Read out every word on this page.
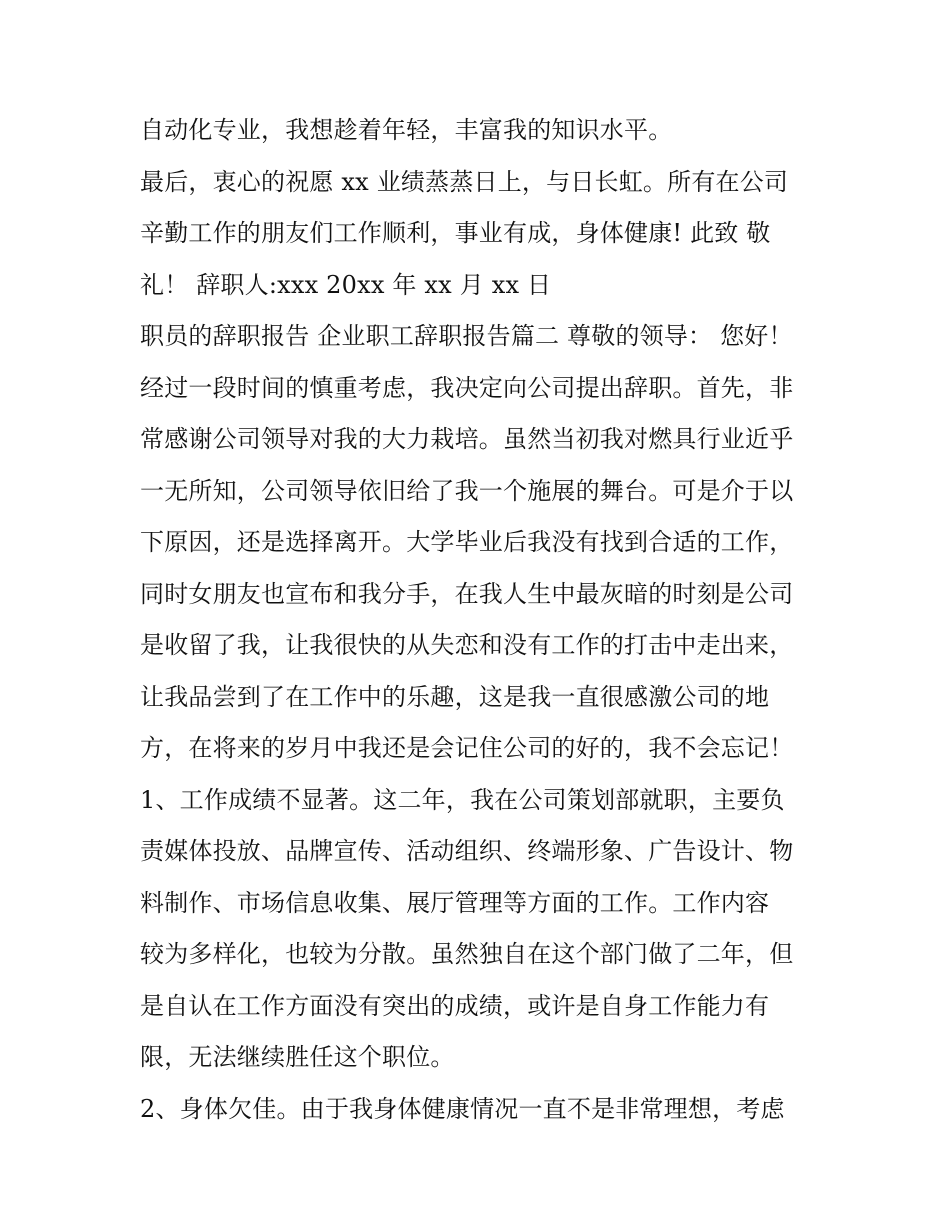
自动化专业，我想趁着年轻，丰富我的知识水平。
最后，衷心的祝愿 xx 业绩蒸蒸日上，与日长虹。所有在公司
辛勤工作的朋友们工作顺利，事业有成，身体健康! 此致 敬
礼！ 辞职人:xxx 20xx 年 xx 月 xx 日
职员的辞职报告 企业职工辞职报告篇二 尊敬的领导： 您好！
经过一段时间的慎重考虑，我决定向公司提出辞职。首先，非
常感谢公司领导对我的大力栽培。虽然当初我对燃具行业近乎
一无所知，公司领导依旧给了我一个施展的舞台。可是介于以
下原因，还是选择离开。大学毕业后我没有找到合适的工作，
同时女朋友也宣布和我分手，在我人生中最灰暗的时刻是公司
是收留了我，让我很快的从失恋和没有工作的打击中走出来，
让我品尝到了在工作中的乐趣，这是我一直很感激公司的地
方，在将来的岁月中我还是会记住公司的好的，我不会忘记！
1、工作成绩不显著。这二年，我在公司策划部就职，主要负
责媒体投放、品牌宣传、活动组织、终端形象、广告设计、物
料制作、市场信息收集、展厅管理等方面的工作。工作内容
较为多样化，也较为分散。虽然独自在这个部门做了二年，但
是自认在工作方面没有突出的成绩，或许是自身工作能力有
限，无法继续胜任这个职位。
2、身体欠佳。由于我身体健康情况一直不是非常理想，考虑
